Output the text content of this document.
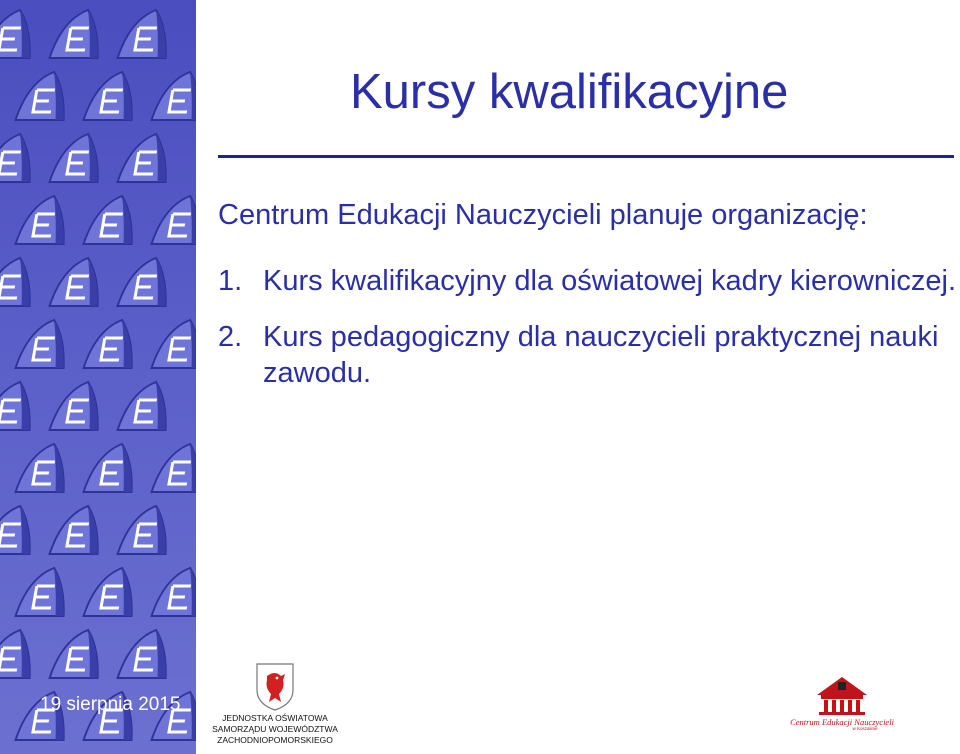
Kursy kwalifikacyjne
Centrum Edukacji Nauczycieli planuje organizację:
1. Kurs kwalifikacyjny dla oświatowej kadry kierowniczej.
2. Kurs pedagogiczny dla nauczycieli praktycznej nauki zawodu.
19 sierpnia 2015
JEDNOSTKA OŚWIATOWA
SAMORZĄDU WOJEWÓDZTWA
ZACHODNIOPOMORSKIEGO
Centrum Edukacji Nauczycieli
w Koszalinie
